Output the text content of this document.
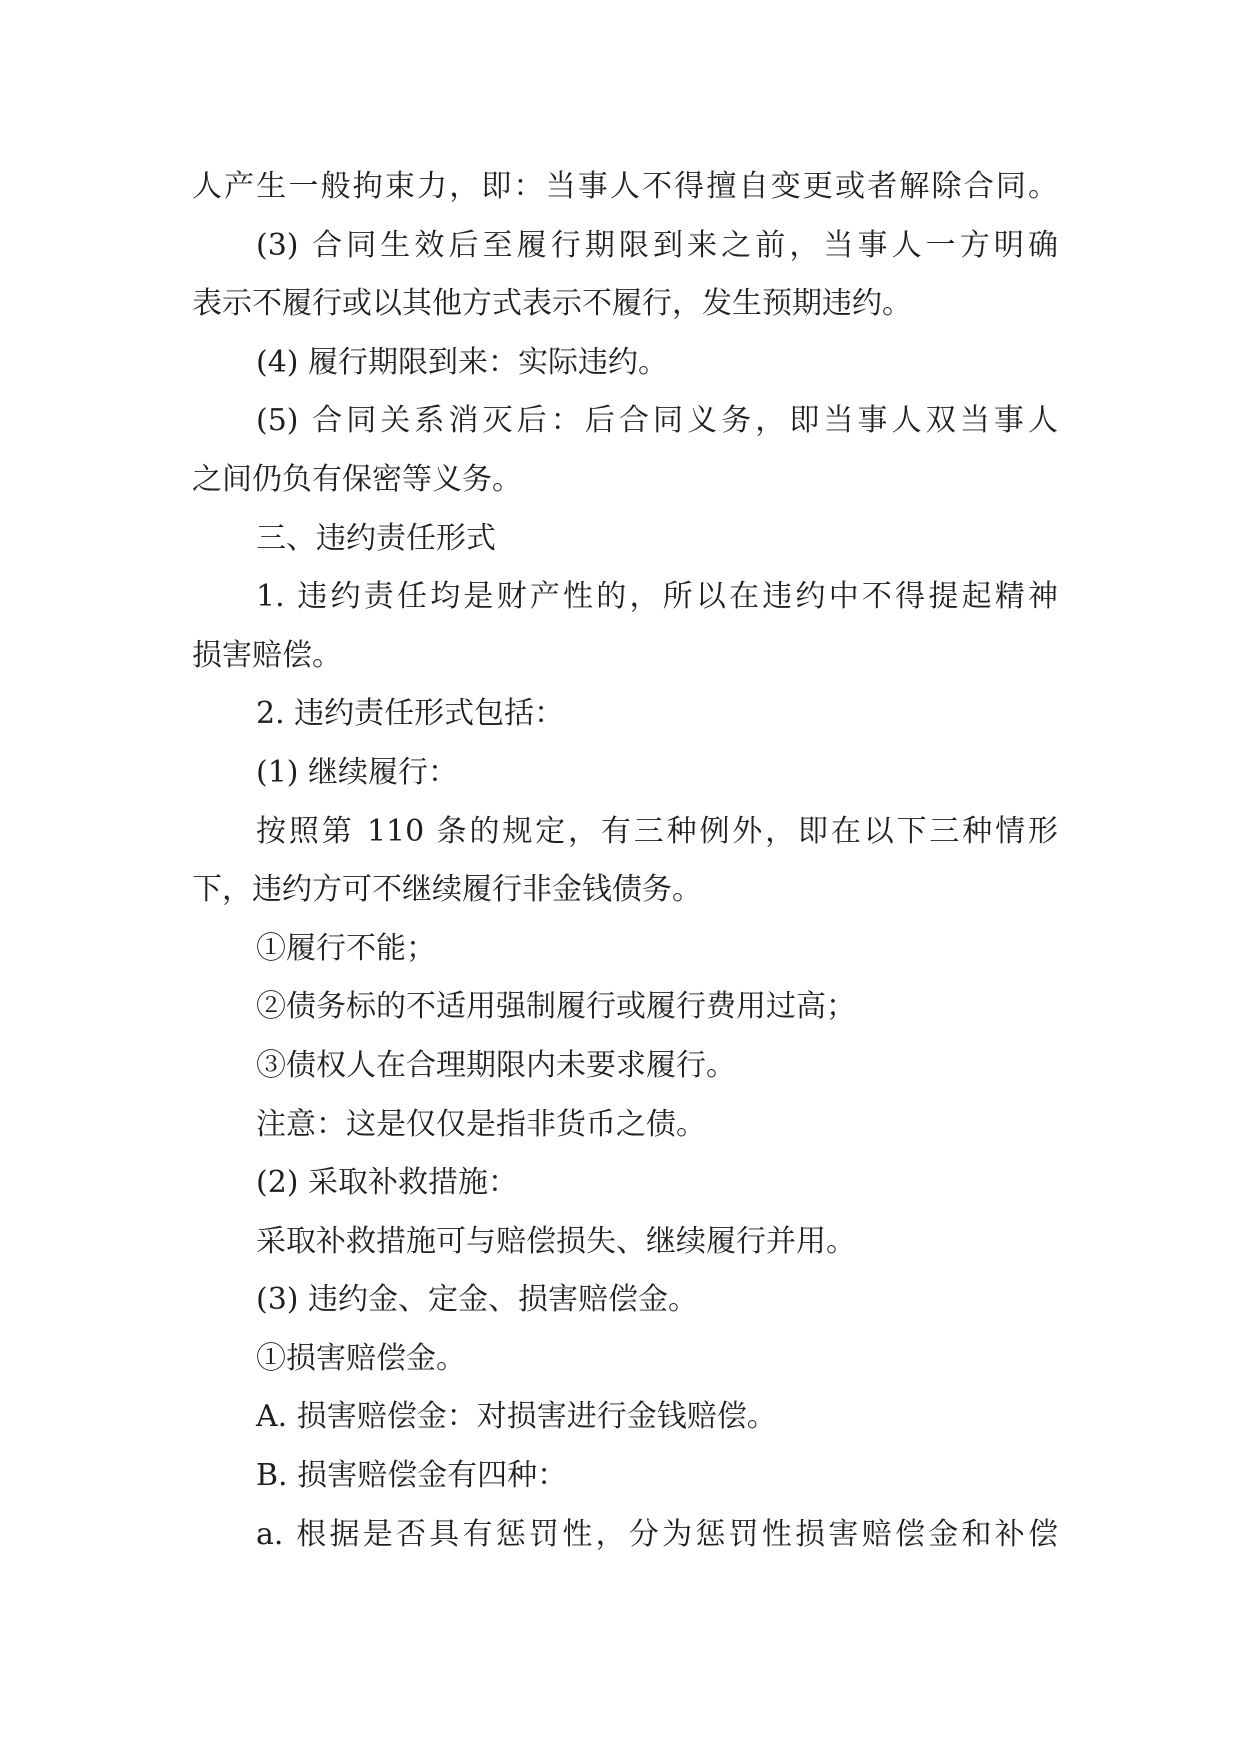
人产生一般拘束力，即：当事人不得擅自变更或者解除合同。
(3) 合同生效后至履行期限到来之前，当事人一方明确
表示不履行或以其他方式表示不履行，发生预期违约。
(4) 履行期限到来：实际违约。
(5) 合同关系消灭后：后合同义务，即当事人双当事人
之间仍负有保密等义务。
三、违约责任形式
1. 违约责任均是财产性的，所以在违约中不得提起精神
损害赔偿。
2. 违约责任形式包括：
(1) 继续履行：
按照第 110 条的规定，有三种例外，即在以下三种情形
下，违约方可不继续履行非金钱债务。
①履行不能；
②债务标的不适用强制履行或履行费用过高；
③债权人在合理期限内未要求履行。
注意：这是仅仅是指非货币之债。
(2) 采取补救措施：
采取补救措施可与赔偿损失、继续履行并用。
(3) 违约金、定金、损害赔偿金。
①损害赔偿金。
A. 损害赔偿金：对损害进行金钱赔偿。
B. 损害赔偿金有四种：
a. 根据是否具有惩罚性，分为惩罚性损害赔偿金和补偿
